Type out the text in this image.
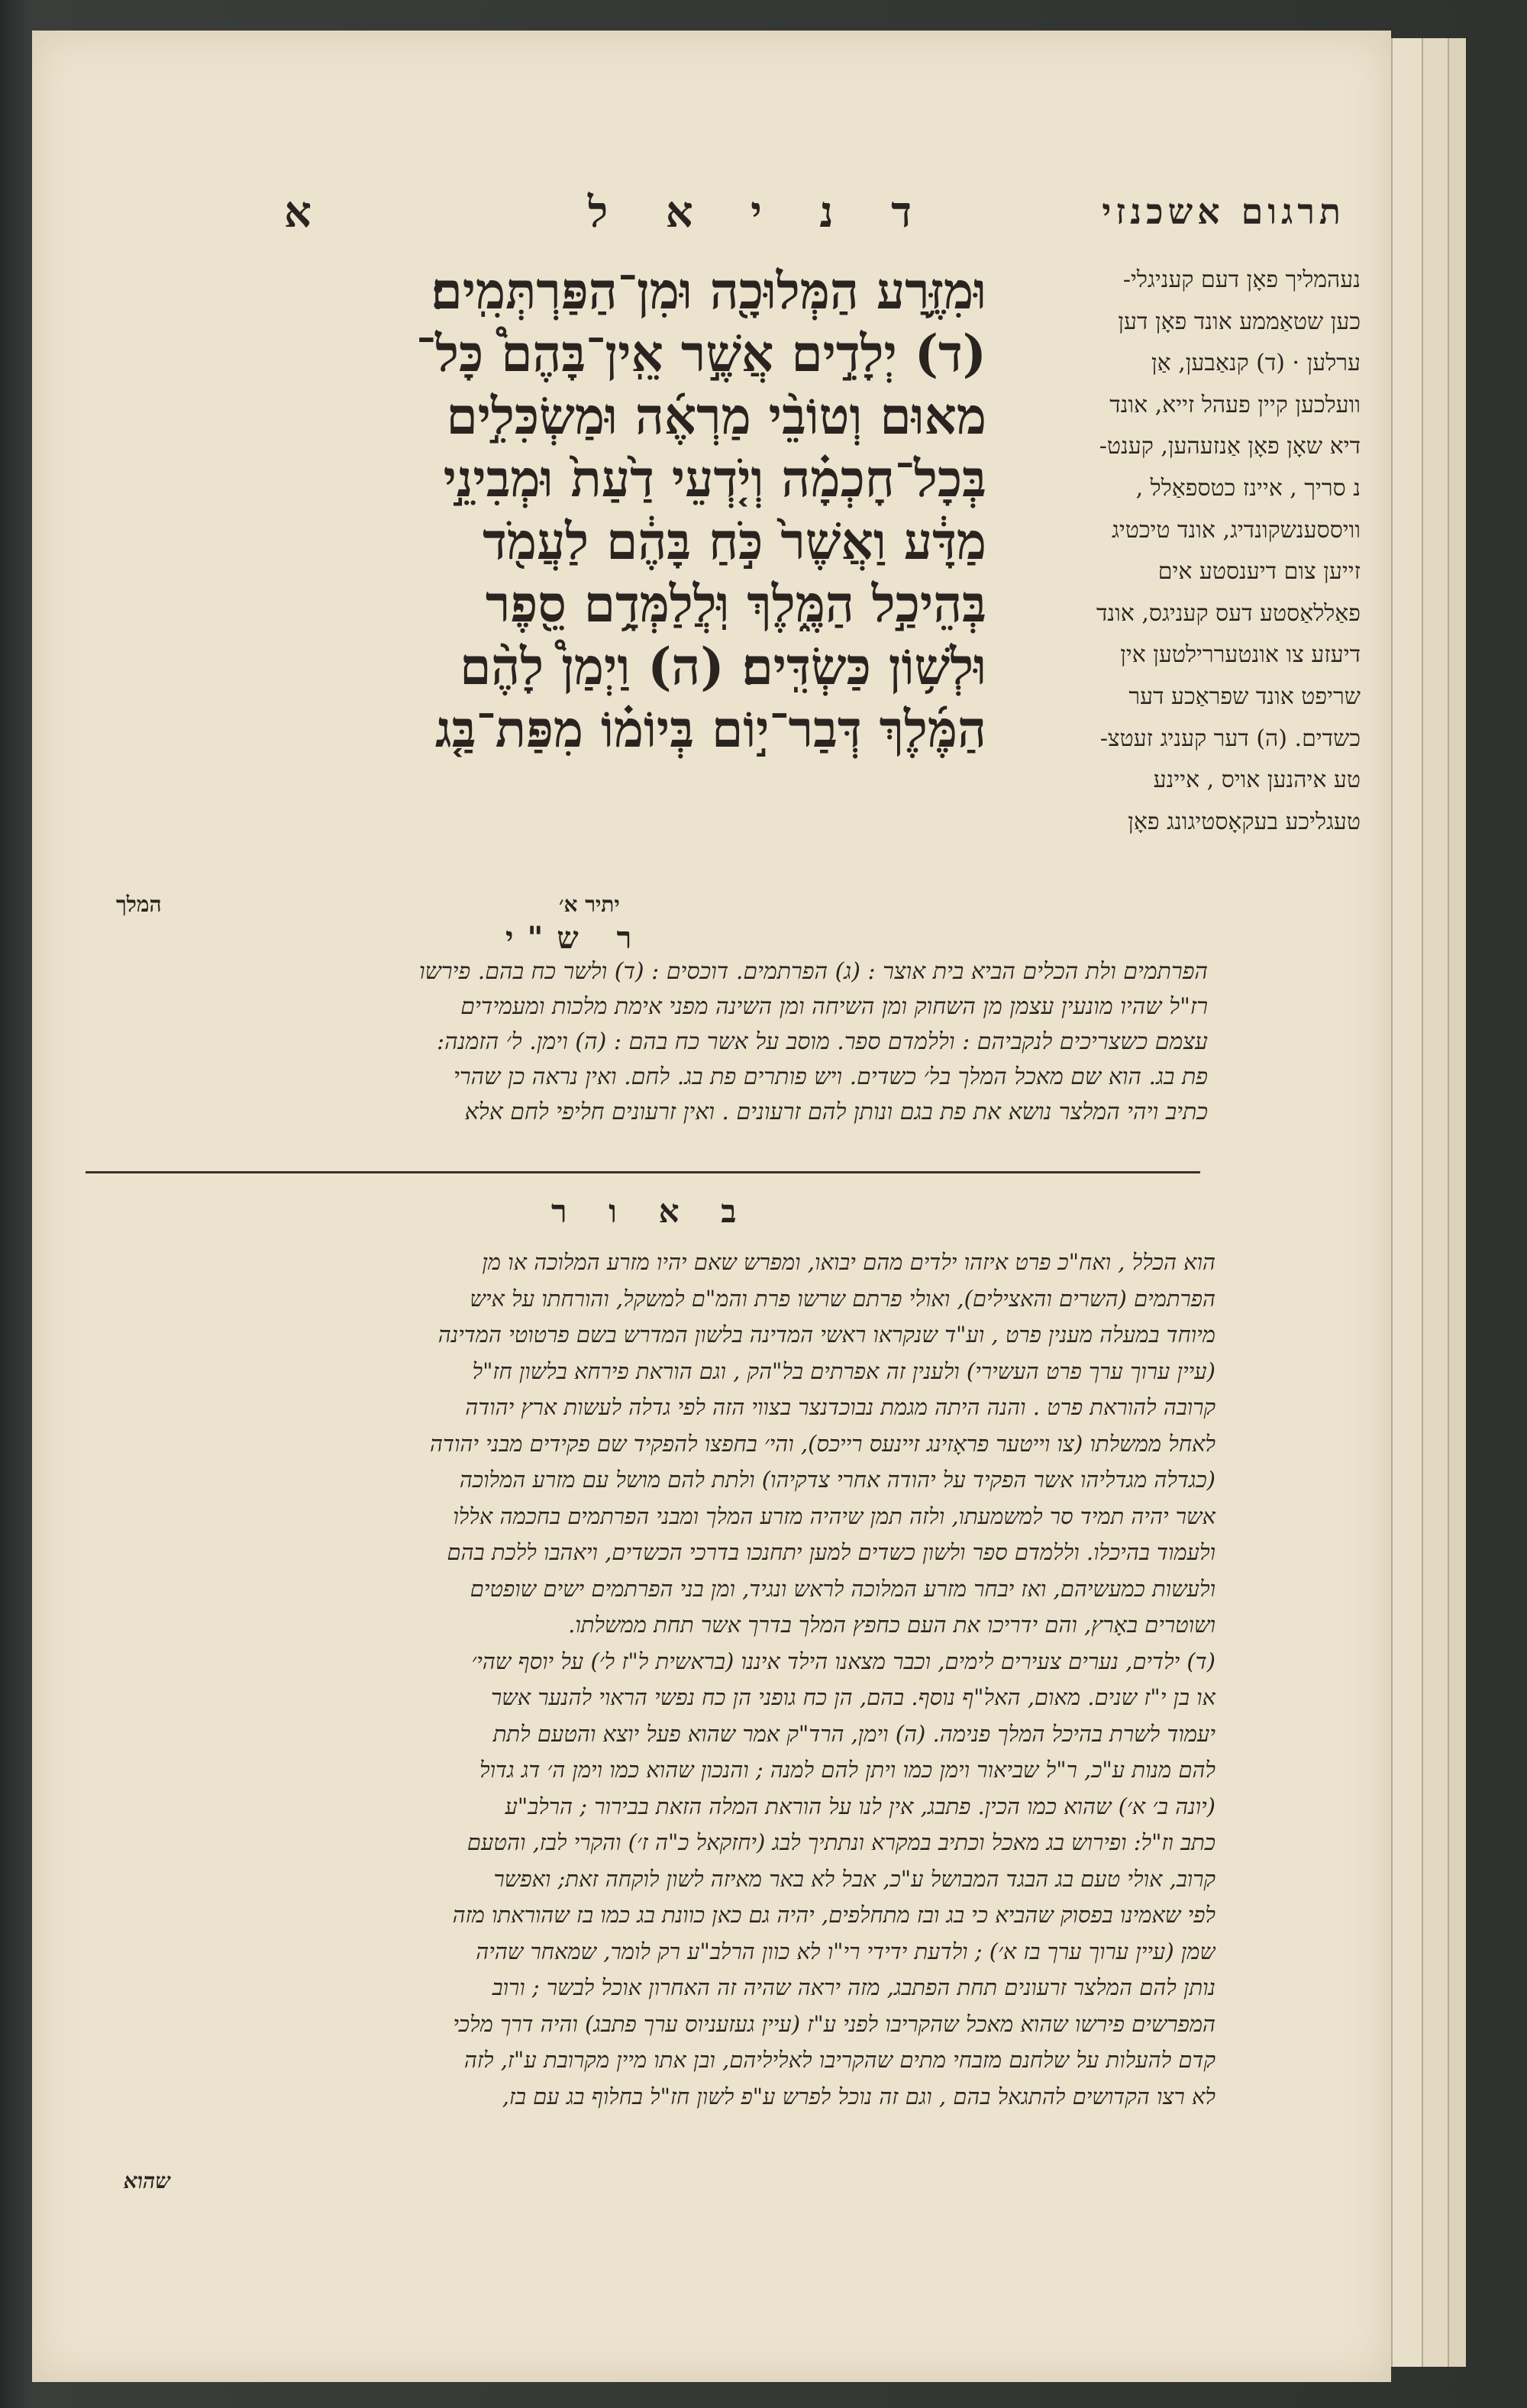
תרגום אשכנזי
ד נ י א ל
א
נעהמליך פאָן דעם קעניגלי-
כען שטאַממע אונד פאָן דען
ערלען · (ד) קנאַבען, אַן
וועלכען קיין פעהל זייא, אונד
דיא שאָן פאָן אַנזעהען, קענט-
נ סריך , איינז כטספאַלל ,
וויססענשקונדיג, אונד טיכטיג
זייען צום דיענסטע אים
פאַללאַסטע דעס קעניגס, אונד
דיעזע צו אונטעררילטען אין
שריפט אונד שפראַכע דער
כשדים. (ה) דער קעניג זעטצ-
טע איהנען אויס , איינע
טעגליכע בעקאָסטיגונג פאָן
וּמִזֶּ֥רַע הַמְּלוּכָ֖ה וּמִן־הַפַּרְתְּמִֽים׃
(ד) יְלָדִ֣ים אֲשֶׁ֣ר אֵֽין־בָּהֶם֩ כָּל־
מאוּם וְטוֹבֵ֨י מַרְאֶ֜ה וּמַשְׂכִּלִ֣ים
בְּכָל־חָכְמָ֗ה וְיֹ֤דְעֵי דַ֙עַת֙ וּמְבִינֵ֣י
מַדָּ֔ע וַאֲשֶׁר֙ כֹּ֣חַ בָּהֶ֔ם לַעֲמֹ֖ד
בְּהֵיכַ֣ל הַמֶּ֑לֶךְ וּֽלֲלַמְּדָ֥ם סֵ֖פֶר
וּלְשׁ֥וֹן כַּשְׂדִּֽים׃ (ה) וַיְמַן֩ לָהֶ֨ם
הַמֶּ֜לֶךְ דְּבַר־י֣וֹם בְּיוֹמ֗וֹ מִפַּת־בַּ֤ג
המלך	יתיר א׳
ר ש"י
הפרתמים ולת הכלים הביא בית אוצר : (ג) הפרתמים. דוכסים : (ד) ולשר כח בהם. פירשו
רז"ל שהיו מונעין עצמן מן השחוק ומן השיחה ומן השינה מפני אימת מלכות ומעמידים
עצמם כשצריכים לנקביהם : וללמדם ספר. מוסב על אשר כח בהם : (ה) וימן. ל׳ הזמנה:
פת בג. הוא שם מאכל המלך בל׳ כשדים. ויש פותרים פת בג. לחם. ואין נראה כן שהרי
כתיב ויהי המלצר נושא את פת בגם ונותן להם זרעונים . ואין זרעונים חליפי לחם אלא
ב א ו ר
הוא הכלל , ואח"כ פרט איזהו ילדים מהם יבואו, ומפרש שאם יהיו מזרע המלוכה או מן
הפרתמים (השרים והאצילים), ואולי פרתם שרשו פרת והמ"ם למשקל, והורחתו על איש
מיוחד במעלה מענין פרט , וע"ד שנקראו ראשי המדינה בלשון המדרש בשם פרטוטי המדינה
(עיין ערוך ערך פרט העשירי) ולענין זה אפרתים בל"הק , וגם הוראת פירחא בלשון חז"ל
קרובה להוראת פרט . והנה היתה מגמת נבוכדנצר בצווי הזה לפי גדלה לעשות ארץ יהודה
לאחל ממשלתו (צו וייטער פראָזינג זיינעס רייכס), והי׳ בחפצו להפקיד שם פקידים מבני יהודה
(כגדלה מגדליהו אשר הפקיד על יהודה אחרי צדקיהו) ולתת להם מושל עם מזרע המלוכה
אשר יהיה תמיד סר למשמעתו, ולזה תמן שיהיה מזרע המלך ומבני הפרתמים בחכמה אללו
ולעמוד בהיכלו. וללמדם ספר ולשון כשדים למען יתחנכו בדרכי הכשדים, ויאהבו ללכת בהם
ולעשות כמעשיהם, ואז יבחר מזרע המלוכה לראש ונגיד, ומן בני הפרתמים ישים שופטים
ושוטרים באָרץ, והם ידריכו את העם כחפץ המלך בדרך אשר תחת ממשלתו.
(ד) ילדים, נערים צעירים לימים, וכבר מצאנו הילד איננו (בראשית ל"ז ל׳) על יוסף שהי׳
או בן י"ז שנים. מאום, האל"ף נוסף. בהם, הן כח גופני הן כח נפשי הראוי להנער אשר
יעמוד לשרת בהיכל המלך פנימה. (ה) וימן, הרד"ק אמר שהוא פעל יוצא והטעם לתת
להם מנות ע"כ, ר"ל שביאור וימן כמו ויתן להם למנה ; והנכון שהוא כמו וימן ה׳ דג גדול
(יונה ב׳ א׳) שהוא כמו הכין. פתבג, אין לנו על הוראת המלה הזאת בבירור ; הרלב"ע
כתב וז"ל: ופירוש בג מאכל וכתיב במקרא ונתתיך לבג (יחזקאל כ"ה ז׳) והקרי לבז, והטעם
קרוב, אולי טעם בג הבגד המבושל ע"כ, אבל לא באר מאיזה לשון לוקחה זאת; ואפשר
לפי שאמינו בפסוק שהביא כי בג ובז מתחלפים, יהיה גם כאן כוונת בג כמו בז שהוראתו מזה
שמן (עיין ערוך ערך בז א׳) ; ולדעת ידידי רי"ו לא כוון הרלב"ע רק לומר, שמאחר שהיה
נותן להם המלצר זרעונים תחת הפתבג, מזה יראה שהיה זה האחרון אוכל לבשר ; ורוב
המפרשים פירשו שהוא מאכל שהקריבו לפני ע"ז (עיין געזעניוס ערך פתבג) והיה דרך מלכי
קדם להעלות על שלחנם מזבחי מתים שהקריבו לאליליהם, ובן אתו מיין מקרובת ע"ז, לזה
לא רצו הקדושים להתגאל בהם , וגם זה נוכל לפרש ע"פ לשון חז"ל בחלוף בג עם בז,
שהוא
